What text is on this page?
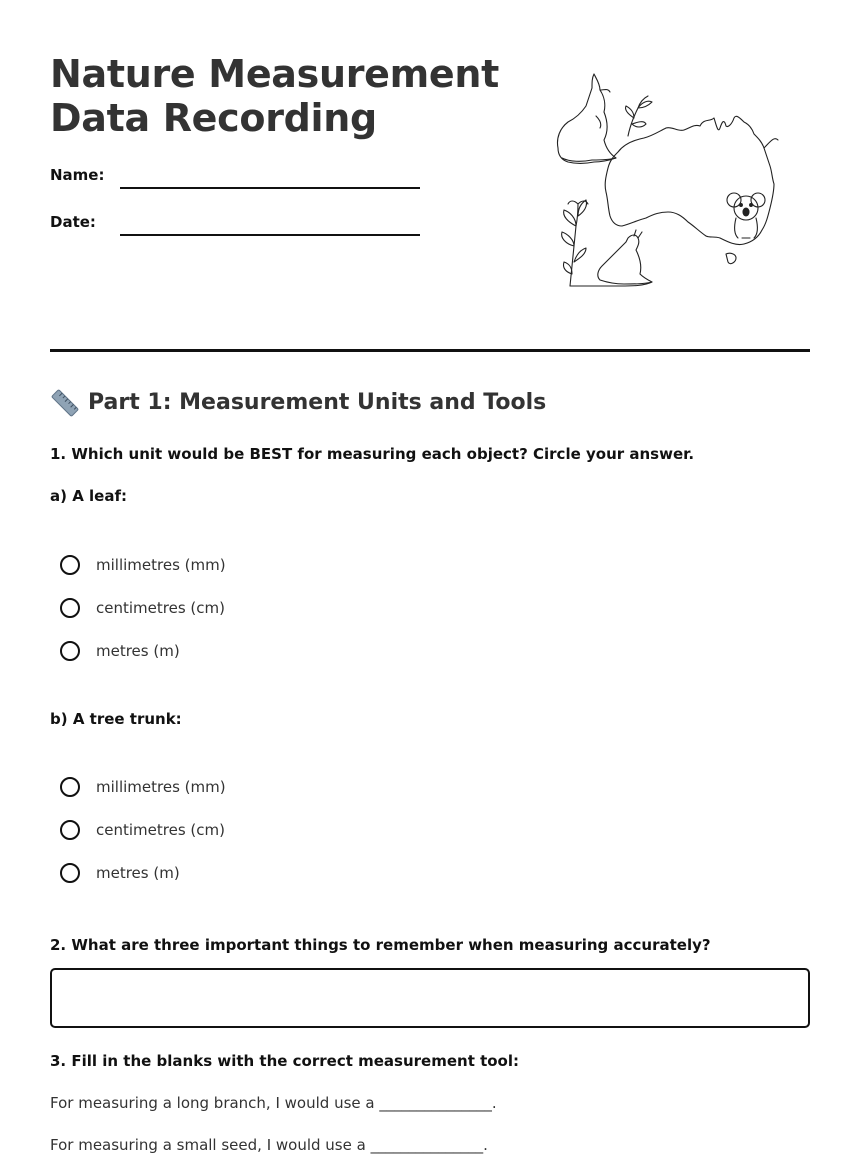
Nature Measurement
Data Recording
Name:
Date:
Part 1: Measurement Units and Tools

1. Which unit would be BEST for measuring each object? Circle your answer.

a) A leaf:

millimetres (mm)
centimetres (cm)
metres (m)

b) A tree trunk:

millimetres (mm)
centimetres (cm)
metres (m)

2. What are three important things to remember when measuring accurately?

3. Fill in the blanks with the correct measurement tool:

For measuring a long branch, I would use a _______________.

For measuring a small seed, I would use a _______________.
